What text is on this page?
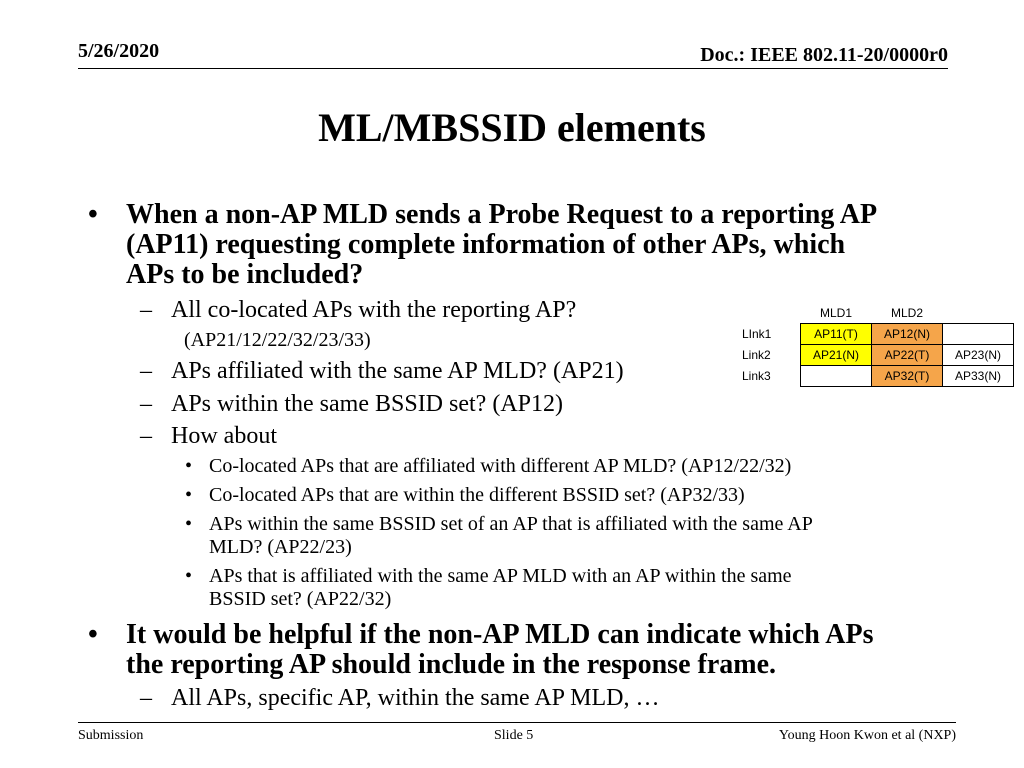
5/26/2020	Doc.: IEEE 802.11-20/0000r0
ML/MBSSID elements
• When a non-AP MLD sends a Probe Request to a reporting AP
(AP11) requesting complete information of other APs, which
APs to be included?
– All co-located APs with the reporting AP?
(AP21/12/22/32/23/33)
– APs affiliated with the same AP MLD? (AP21)
– APs within the same BSSID set? (AP12)
– How about
• Co-located APs that are affiliated with different AP MLD? (AP12/22/32)
• Co-located APs that are within the different BSSID set? (AP32/33)
• APs within the same BSSID set of an AP that is affiliated with the same AP
MLD? (AP22/23)
• APs that is affiliated with the same AP MLD with an AP within the same
BSSID set? (AP22/32)
• It would be helpful if the non-AP MLD can indicate which APs
the reporting AP should include in the response frame.
– All APs, specific AP, within the same AP MLD, …
	MLD1	MLD2	
LInk1	AP11(T)	AP12(N)	
Link2	AP21(N)	AP22(T)	AP23(N)
Link3		AP32(T)	AP33(N)
Submission	Slide 5	Young Hoon Kwon et al (NXP)
